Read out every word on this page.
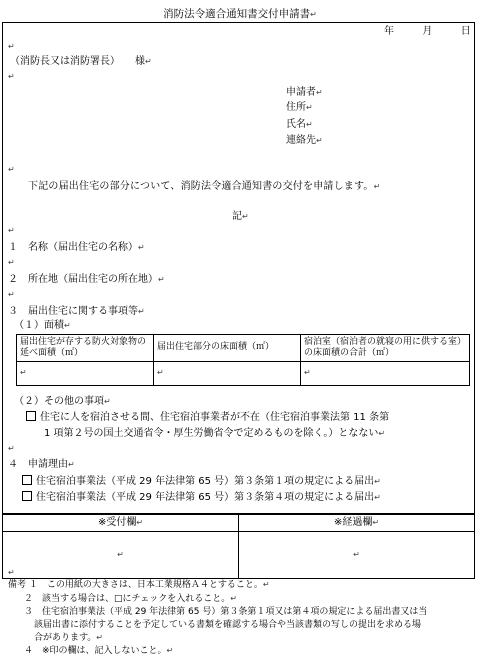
消防法令適合通知書交付申請書↵
年	月	日
（消防長又は消防署長）　　様↵
申請者↵
住所↵
氏名↵
連絡先↵
下記の届出住宅の部分について、消防法令適合通知書の交付を申請します。↵
記↵
１　 名称（届出住宅の名称）↵
２　 所在地（届出住宅の所在地）↵
３　 届出住宅に関する事項等↵
（１）面積↵
届出住宅が存する防火対象物の延べ面積（㎡）	届出住宅部分の床面積（㎡）	宿泊室（宿泊者の就寝の用に供する室）の床面積の合計（㎡）
↵	↵	↵
（２）その他の事項↵
住宅に人を宿泊させる間、住宅宿泊事業者が不在（住宅宿泊事業法第 11 条第
1 項第２号の国土交通省令・厚生労働省令で定めるものを除く。）となない↵
４　 申請理由↵
住宅宿泊事業法（平成 29 年法律第 65 号）第３条第１項の規定による届出↵
住宅宿泊事業法（平成 29 年法律第 65 号）第３条第４項の規定による届出↵
※受付欄↵	※経過欄↵
↵	↵
備考 １　この用紙の大きさは、日本工業規格Ａ４とすること。↵
２　該当する場合は、□にチェックを入れること。↵
３　住宅宿泊事業法（平成 29 年法律第 65 号）第３条第１項又は第４項の規定による届出書又は当
該届出書に添付することを予定している書類を確認する場合や当該書類の写しの提出を求める場
合があります。↵
４　※印の欄は、記入しないこと。↵
↵
↵
↵
↵
↵
↵
↵
↵
